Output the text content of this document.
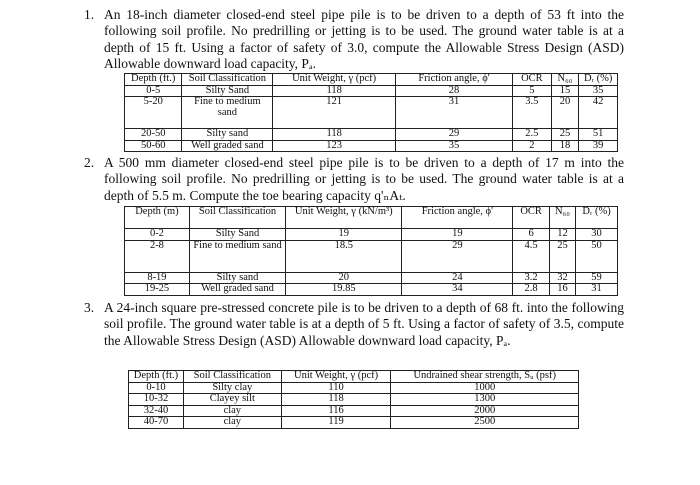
1. An 18-inch diameter closed-end steel pipe pile is to be driven to a depth of 53 ft into the following soil profile. No predrilling or jetting is to be used. The ground water table is at a depth of 15 ft. Using a factor of safety of 3.0, compute the Allowable Stress Design (ASD) Allowable downward load capacity, Pₐ.

Depth (ft.)	Soil Classification	Unit Weight, γ (pcf)	Friction angle, ϕ'	OCR	N₆₀	Dᵣ (%)
0-5	Silty Sand	118	28	5	15	35
5-20	Fine to medium sand	121	31	3.5	20	42
20-50	Silty sand	118	29	2.5	25	51
50-60	Well graded sand	123	35	2	18	39
2. A 500 mm diameter closed-end steel pipe pile is to be driven to a depth of 17 m into the following soil profile. No predrilling or jetting is to be used. The ground water table is at a depth of 5.5 m. Compute the toe bearing capacity q'ₙAₜ.

Depth (m)	Soil Classification	Unit Weight, γ (kN/m³)	Friction angle, ϕ'	OCR	N₆₀	Dᵣ (%)
0-2	Silty Sand	19	19	6	12	30
2-8	Fine to medium sand	18.5	29	4.5	25	50
8-19	Silty sand	20	24	3.2	32	59
19-25	Well graded sand	19.85	34	2.8	16	31
3. A 24-inch square pre-stressed concrete pile is to be driven to a depth of 68 ft. into the following soil profile. The ground water table is at a depth of 5 ft. Using a factor of safety of 3.5, compute the Allowable Stress Design (ASD) Allowable downward load capacity, Pₐ.

Depth (ft.)	Soil Classification	Unit Weight, γ (pcf)	Undrained shear strength, Sᵤ (psf)
0-10	Silty clay	110	1000
10-32	Clayey silt	118	1300
32-40	clay	116	2000
40-70	clay	119	2500
